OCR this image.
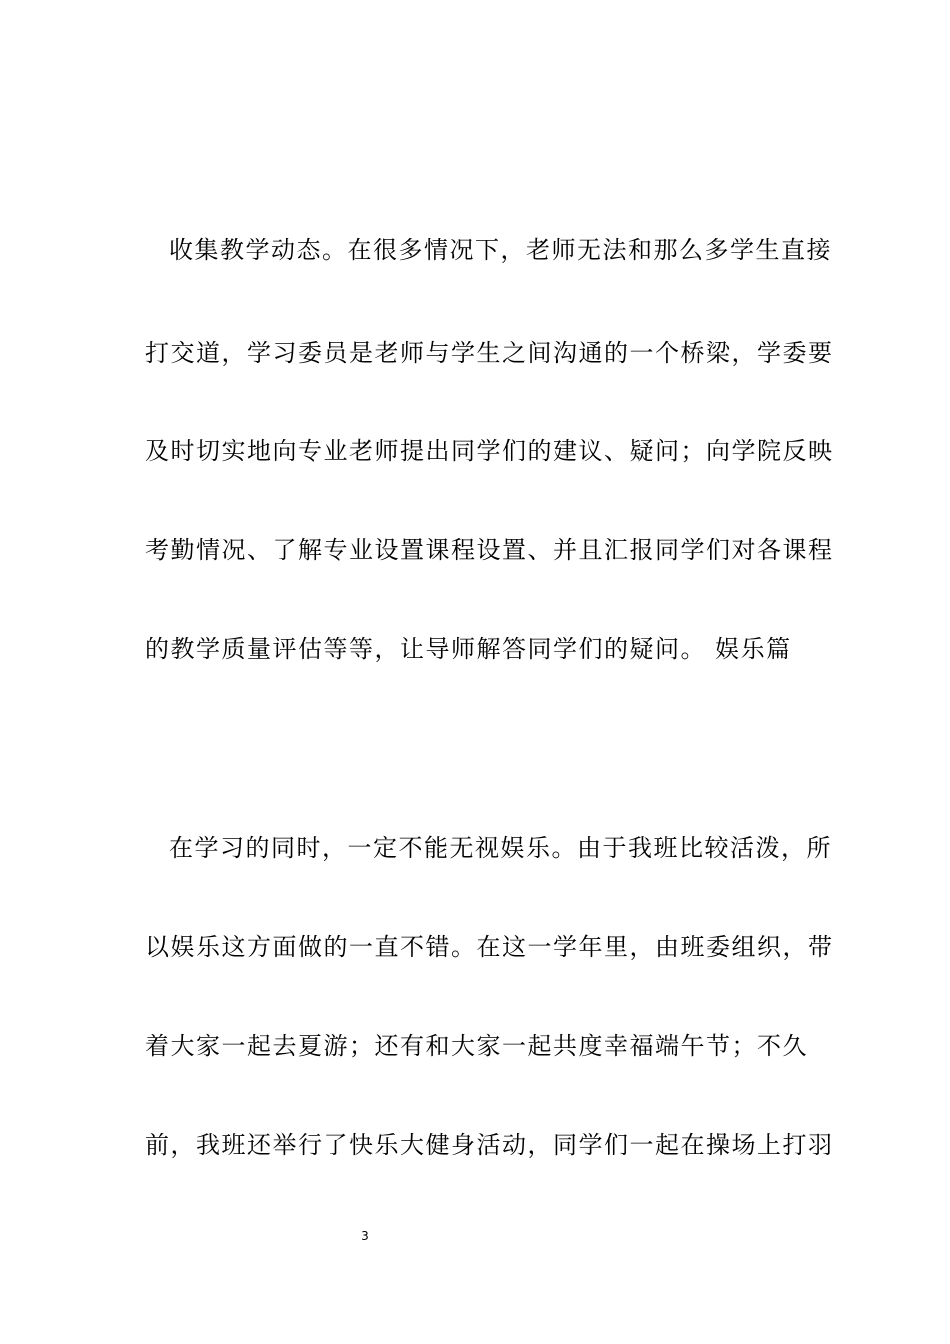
收集教学动态。在很多情况下，老师无法和那么多学生直接
打交道，学习委员是老师与学生之间沟通的一个桥梁，学委要
及时切实地向专业老师提出同学们的建议、疑问；向学院反映
考勤情况、了解专业设置课程设置、并且汇报同学们对各课程
的教学质量评估等等，让导师解答同学们的疑问。 娱乐篇
在学习的同时，一定不能无视娱乐。由于我班比较活泼，所
以娱乐这方面做的一直不错。在这一学年里，由班委组织，带
着大家一起去夏游；还有和大家一起共度幸福端午节；不久
前，我班还举行了快乐大健身活动，同学们一起在操场上打羽
3
